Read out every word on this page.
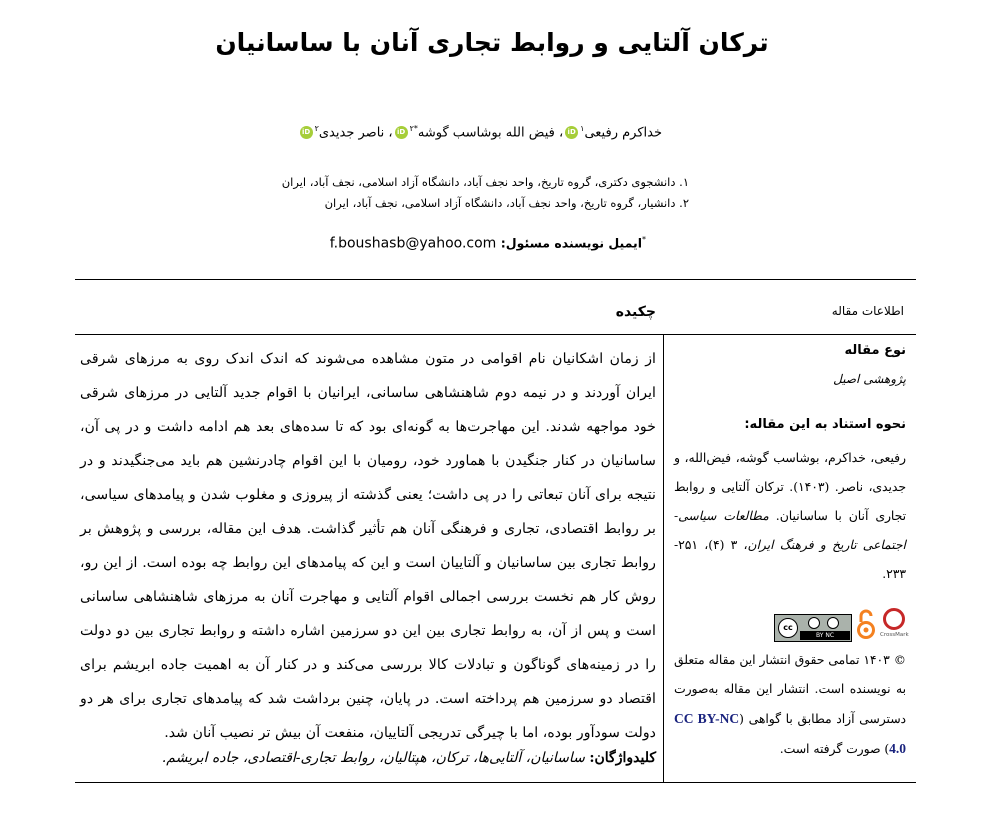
ترکان آلتایی و روابط تجاری آنان با ساسانیان
خداکرم رفیعی$^۱$iD، فیض الله بوشاسب گوشه$^{*۲}$iD، ناصر جدیدی$^۲$iD
۱. دانشجوی دکتری، گروه تاریخ، واحد نجف آباد، دانشگاه آزاد اسلامی، نجف آباد، ایران
۲. دانشیار، گروه تاریخ، واحد نجف آباد، دانشگاه آزاد اسلامی، نجف آباد، ایران
*ایمیل نویسنده مسئول: f.boushasb@yahoo.com
اطلاعات مقاله
چکیده
از زمان اشکانیان نام اقوامی در متون مشاهده می‌شوند که اندک اندک روی به مرزهای شرقی ایران آوردند و در نیمه دوم شاهنشاهی ساسانی، ایرانیان با اقوام جدید آلتایی در مرزهای شرقی خود مواجهه شدند. این مهاجرت‌ها به گونه‌ای بود که تا سده‌های بعد هم ادامه داشت و در پی آن، ساسانیان در کنار جنگیدن با هماورد خود، رومیان با این اقوام چادرنشین هم باید می‌جنگیدند و در نتیجه برای آنان تبعاتی را در پی داشت؛ یعنی گذشته از پیروزی و مغلوب شدن و پیامدهای سیاسی، بر روابط اقتصادی، تجاری و فرهنگی آنان هم تأثیر گذاشت. هدف این مقاله، بررسی و پژوهش بر روابط تجاری بین ساسانیان و آلتاییان است و این که پیامدهای این روابط چه بوده است. از این رو، روش کار هم نخست بررسی اجمالی اقوام آلتایی و مهاجرت آنان به مرزهای شاهنشاهی ساسانی است و پس از آن، به روابط تجاری بین این دو سرزمین اشاره داشته و روابط تجاری بین دو دولت را در زمینه‌های گوناگون و تبادلات کالا بررسی می‌کند و در کنار آن به اهمیت جاده ابریشم برای اقتصاد دو سرزمین هم پرداخته است. در پایان، چنین برداشت شد که پیامدهای تجاری برای هر دو دولت سودآور بوده، اما با چیرگی تدریجی آلتاییان، منفعت آن بیش تر نصیب آنان شد.
کلیدواژگان: ساسانیان، آلتایی‌ها، ترکان، هپتالیان، روابط تجاری-اقتصادی، جاده ابریشم.
نوع مقاله
پژوهشی اصیل
نحوه استناد به این مقاله:
رفیعی، خداکرم، بوشاسب گوشه، فیض‌الله، و جدیدی، ناصر. (۱۴۰۳). ترکان آلتایی و روابط تجاری آنان با ساسانیان. مطالعات سیاسی-اجتماعی تاریخ و فرهنگ ایران، ۳ (۴)، ۲۵۱- ۲۳۳.
cc
BY NC	CrossMark
© ۱۴۰۳ تمامی حقوق انتشار این مقاله متعلق به نویسنده است. انتشار این مقاله به‌صورت دسترسی آزاد مطابق با گواهی (CC BY-NC 4.0) صورت گرفته است.
